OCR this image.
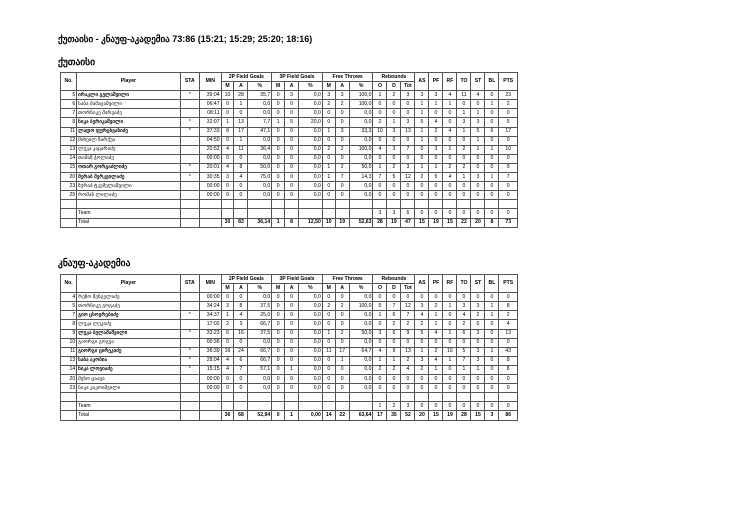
ქუთაისი - კნაუფ-აკადემია 73:86 (15:21; 15:29; 25:20; 18:16)
ქუთაისი
No.	Player	STA	MIN	2P Field Goals			3P Field Goals			Free Throws			Rebounds			AS	PF	RF	TO	ST	BL	PTS
				M	A	%	M	A	%	M	A	%	O	D	Tot							
5	ირაკლი გელაშვილი	*	39:04	10	28	35,7	0	3	0,0	3	3	100,0	1	2	3	3	3	4	11	4	0	23
6	საბა მამაცაშვილი		06:47	0	1	0,0	0	0	0,0	2	2	100,0	0	0	0	1	1	1	0	0	1	2
7	თორნიკე შარვაძე		08:11	0	0	0,0	0	0	0,0	0	0	0,0	0	0	0	1	0	0	1	1	0	0
8	ნიკა ბერიკაშვილი	*	32:07	1	13	7,7	1	5	20,0	0	0	0,0	2	1	3	5	4	0	3	3	0	5
11	ლადო ფურცხვანიძე	*	37:33	8	17	47,1	0	0	0,0	1	3	33,3	10	3	13	1	2	4	1	5	6	17
12	მიხეილ ზარქუა		04:50	0	1	0,0	0	0	0,0	0	0	0,0	0	0	0	1	0	0	0	1	0	0
13	ლუკა კაცარიძე		20:52	4	11	36,4	0	0	0,0	2	2	100,0	4	3	7	0	3	1	2	1	1	10
14	თამაზ ჭოლაძე		00:00	0	0	0,0	0	0	0,0	0	0	0,0	0	0	0	0	0	0	0	0	0	0
15	ოთარ გორგაძლიძე	*	20:01	4	8	50,0	0	0	0,0	1	2	50,0	1	2	3	1	1	2	2	0	0	9
20	მერაბ მერკვილაძე	*	30:35	3	4	75,0	0	0	0,0	1	7	14,3	7	5	12	2	5	4	1	3	1	7
23	ზურაბ ტკემელაშვილი		00:00	0	0	0,0	0	0	0,0	0	0	0,0	0	0	0	0	0	0	0	0	0	0
25	რომან ლილაძე		00:00	0	0	0,0	0	0	0,0	0	0	0,0	0	0	0	0	0	0	0	0	0	0

	Team												3	3	6	0	0	0	0	0	0	0
	Total			30	83	36,14	1	8	12,50	10	19	52,63	28	19	47	15	19	15	22	20	8	73
კნაუფ-აკადემია
No.	Player	STA	MIN	2P Field Goals			3P Field Goals			Free Throws			Rebounds			AS	PF	RF	TO	ST	BL	PTS
				M	A	%	M	A	%	M	A	%	O	D	Tot							
4	რეზო შენგელაძე		00:00	0	0	0,0	0	0	0,0	0	0	0,0	0	0	0	0	0	0	0	0	0	0
5	თორნიკე გოგაძე		34:24	3	8	37,5	0	0	0,0	2	2	100,0	5	7	12	3	2	1	3	3	1	8
7	გიო ცხოვრებიძე	*	34:37	1	4	25,0	0	0	0,0	0	0	0,0	1	6	7	4	1	0	4	2	1	2
8	ლუკა ლეკიძე		17:02	2	3	66,7	0	0	0,0	0	0	0,0	0	2	2	2	1	0	2	0	0	4
9	ლუკა ბელამაშვილი	*	33:23	6	16	37,5	0	0	0,0	1	2	50,0	3	6	9	5	4	1	6	3	0	13
10	გიორგი გოგუა		00:36	0	0	0,0	0	0	0,0	0	0	0,0	0	0	0	0	0	0	0	0	0	0
11	გიორგი ცირეკიძე	*	36:39	16	24	66,7	0	0	0,0	11	17	64,7	4	9	13	1	2	16	5	3	1	43
13	საბა აკობია	*	28:04	4	6	66,7	0	0	0,0	0	1	0,0	1	1	2	3	4	1	7	3	0	8
14	ნიკა ლოვიაძე	*	15:15	4	7	57,1	0	1	0,0	0	0	0,0	2	2	4	2	1	0	1	1	0	8
20	შენო ცაავა		00:00	0	0	0,0	0	0	0,0	0	0	0,0	0	0	0	0	0	0	0	0	0	0
23	ნიკა კაკოიშვილი		00:00	0	0	0,0	0	0	0,0	0	0	0,0	0	0	0	0	0	0	0	0	0	0

	Team												1	2	3	0	0	0	0	0	0	0
	Total			36	68	52,94	0	1	0,00	14	22	63,64	17	35	52	20	15	19	28	15	3	86
